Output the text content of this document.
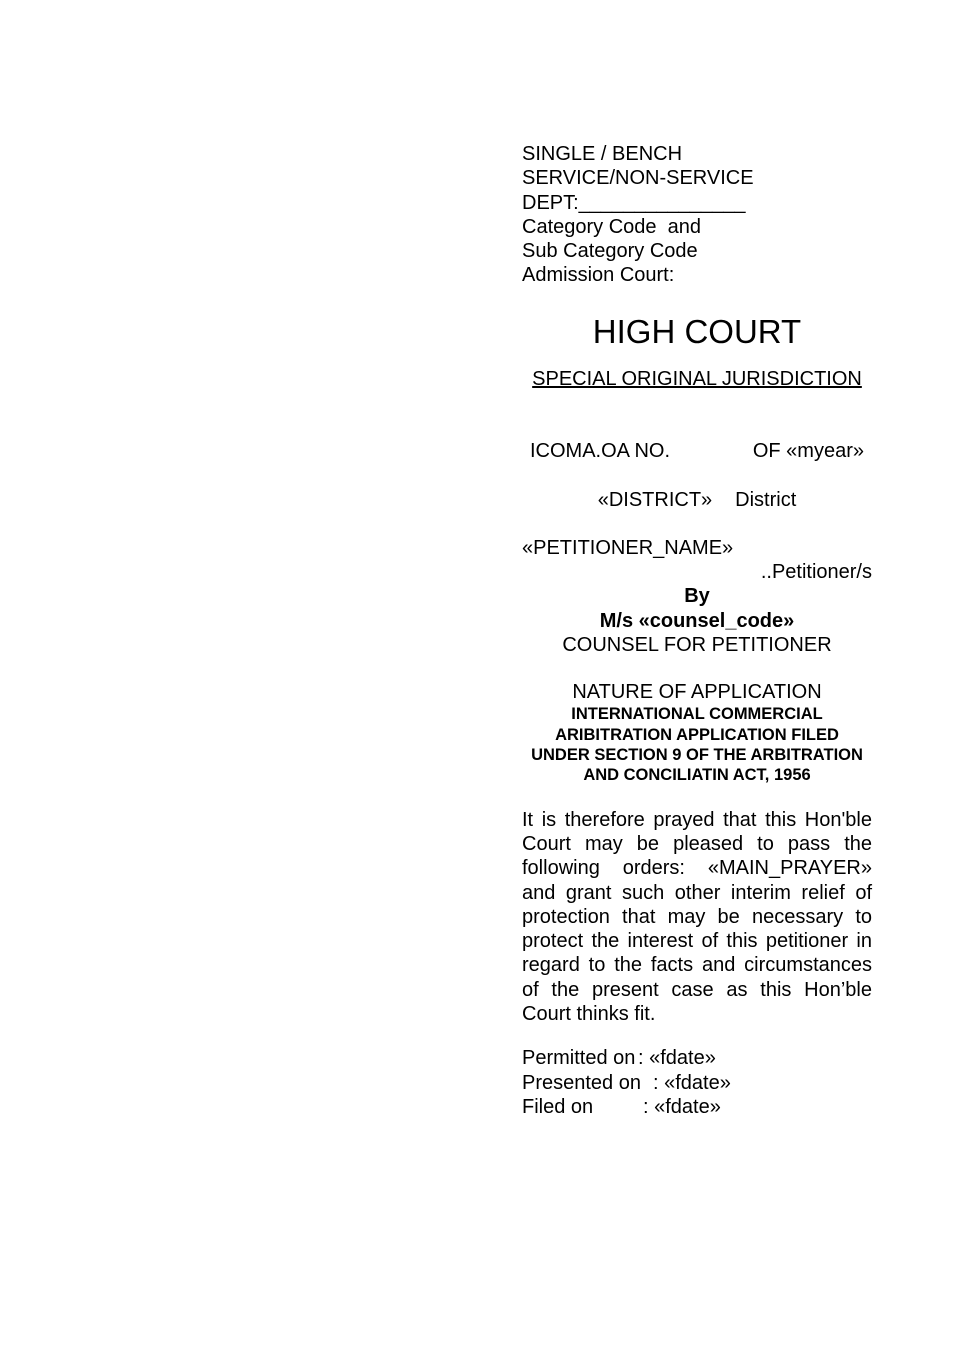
SINGLE / BENCH
SERVICE/NON-SERVICE
DEPT:_______________
Category Code  and
Sub Category Code
Admission Court:
HIGH COURT
SPECIAL ORIGINAL JURISDICTION
ICOMA.OA NO.	OF «myear»
«DISTRICT» District
«PETITIONER_NAME»
..Petitioner/s
By
M/s «counsel_code»
COUNSEL FOR PETITIONER
NATURE OF APPLICATION
INTERNATIONAL COMMERCIAL ARIBITRATION APPLICATION FILED UNDER SECTION 9 OF THE ARBITRATION AND CONCILIATIN ACT, 1956
It is therefore prayed that this Hon'ble Court may be pleased to pass the following orders: «MAIN_PRAYER» and grant such other interim relief of protection that may be necessary to protect the interest of this petitioner in regard to the facts and circumstances of the present case as this Hon’ble Court thinks fit.
Permitted on : «fdate»
Presented on : «fdate»
Filed on	: «fdate»
